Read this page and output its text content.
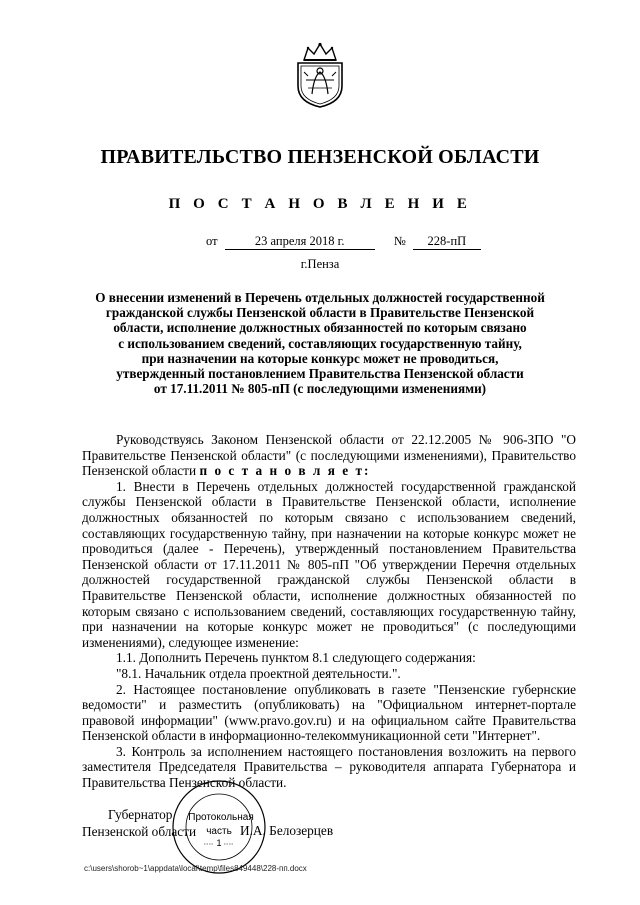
ПРАВИТЕЛЬСТВО ПЕНЗЕНСКОЙ ОБЛАСТИ
П О С Т А Н О В Л Е Н И Е
от	23 апреля 2018 г.	№ 228-пП
г.Пенза
О внесении изменений в Перечень отдельных должностей государственной
гражданской службы Пензенской области в Правительстве Пензенской
области, исполнение должностных обязанностей по которым связано
с использованием сведений, составляющих государственную тайну,
при назначении на которые конкурс может не проводиться,
утвержденный постановлением Правительства Пензенской области
от 17.11.2011 № 805-пП (с последующими изменениями)

Руководствуясь Законом Пензенской области от 22.12.2005 № 906-ЗПО "О Правительстве Пензенской области" (с последующими изменениями), Правительство Пензенской области п о с т а н о в л я е т:

1. Внести в Перечень отдельных должностей государственной гражданской службы Пензенской области в Правительстве Пензенской области, исполнение должностных обязанностей по которым связано с использованием сведений, составляющих государственную тайну, при назначении на которые конкурс может не проводиться (далее - Перечень), утвержденный постановлением Правительства Пензенской области от 17.11.2011 № 805-пП "Об утверждении Перечня отдельных должностей государственной гражданской службы Пензенской области в Правительстве Пензенской области, исполнение должностных обязанностей по которым связано с использованием сведений, составляющих государственную тайну, при назначении на которые конкурс может не проводиться" (с последующими изменениями), следующее изменение:

1.1. Дополнить Перечень пунктом 8.1 следующего содержания:

"8.1. Начальник отдела проектной деятельности.".

2. Настоящее постановление опубликовать в газете "Пензенские губернские ведомости" и разместить (опубликовать) на "Официальном интернет-портале правовой информации" (www.pravo.gov.ru) и на официальном сайте Правительства Пензенской области в информационно-телекоммуникационной сети "Интернет".

3. Контроль за исполнением настоящего постановления возложить на первого заместителя Председателя Правительства – руководителя аппарата Губернатора и Правительства Пензенской области.

Губернатор
Пензенской области	И.А. Белозерцев
Протокольная
часть
1
c:\users\shorob~1\appdata\local\temp\files849448\228-пп.docx
